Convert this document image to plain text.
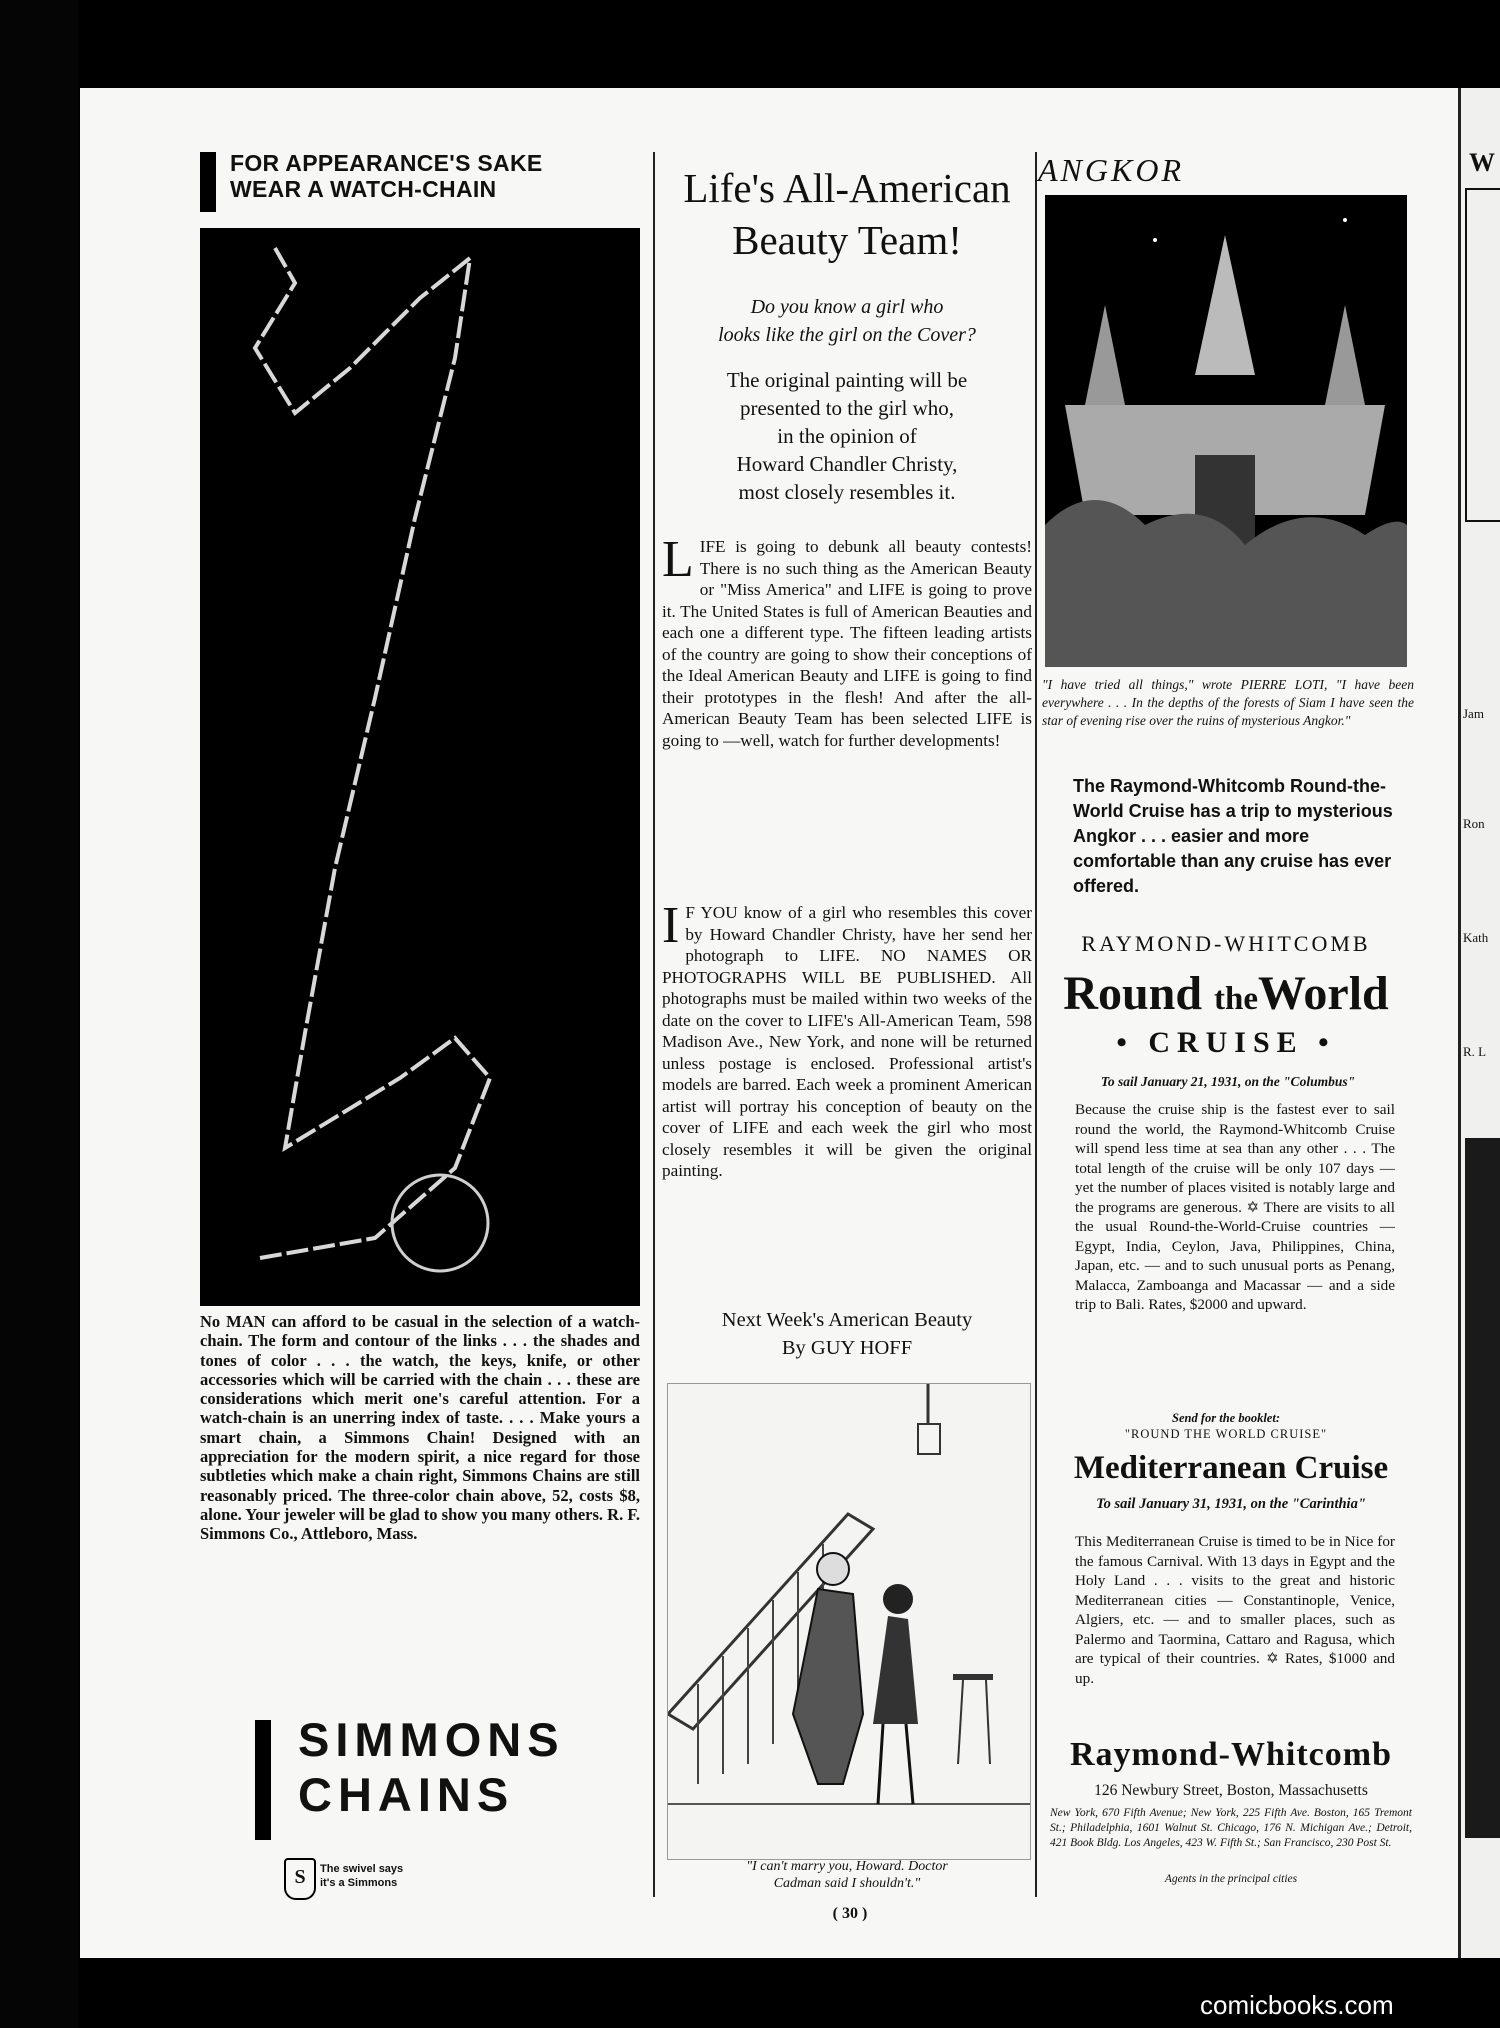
W
Jam
Ron
Kath
R. L
FOR APPEARANCE'S SAKE
WEAR A WATCH-CHAIN
No MAN can afford to be casual in the selection of a watch-chain. The form and contour of the links . . . the shades and tones of color . . . the watch, the keys, knife, or other accessories which will be carried with the chain . . . these are considerations which merit one's careful attention. For a watch-chain is an unerring index of taste. . . . Make yours a smart chain, a Simmons Chain! Designed with an appreciation for the modern spirit, a nice regard for those subtleties which make a chain right, Simmons Chains are still reasonably priced. The three-color chain above, 52, costs $8, alone. Your jeweler will be glad to show you many others. R. F. Simmons Co., Attleboro, Mass.
SIMMONS
CHAINS
S	The swivel says
it's a Simmons
Life's All-American
Beauty Team!
Do you know a girl who
looks like the girl on the Cover?
The original painting will be
presented to the girl who,
in the opinion of
Howard Chandler Christy,
most closely resembles it.
LIFE is going to debunk all beauty contests! There is no such thing as the American Beauty or "Miss America" and LIFE is going to prove it. The United States is full of American Beauties and each one a different type. The fifteen leading artists of the country are going to show their conceptions of the Ideal American Beauty and LIFE is going to find their prototypes in the flesh! And after the all-American Beauty Team has been selected LIFE is going to —well, watch for further developments!
I F YOU know of a girl who resembles this cover by Howard Chandler Christy, have her send her photograph to LIFE. NO NAMES OR PHOTOGRAPHS WILL BE PUBLISHED. All photographs must be mailed within two weeks of the date on the cover to LIFE's All-American Team, 598 Madison Ave., New York, and none will be returned unless postage is enclosed. Professional artist's models are barred. Each week a prominent American artist will portray his conception of beauty on the cover of LIFE and each week the girl who most closely resembles it will be given the original painting.
Next Week's American Beauty
By GUY HOFF
"I can't marry you, Howard. Doctor
Cadman said I shouldn't."
( 30 )
ANGKOR
"I have tried all things," wrote PIERRE LOTI, "I have been everywhere . . . In the depths of the forests of Siam I have seen the star of evening rise over the ruins of mysterious Angkor."
The Raymond-Whitcomb Round-the-World Cruise has a trip to mysterious Angkor . . . easier and more comfortable than any cruise has ever offered.
RAYMOND-WHITCOMB
Round theWorld
• CRUISE •
To sail January 21, 1931, on the "Columbus"
Because the cruise ship is the fastest ever to sail round the world, the Raymond-Whitcomb Cruise will spend less time at sea than any other . . . The total length of the cruise will be only 107 days — yet the number of places visited is notably large and the programs are generous. ✡ There are visits to all the usual Round-the-World-Cruise countries — Egypt, India, Ceylon, Java, Philippines, China, Japan, etc. — and to such unusual ports as Penang, Malacca, Zamboanga and Macassar — and a side trip to Bali. Rates, $2000 and upward.
Send for the booklet:
"ROUND THE WORLD CRUISE"
Mediterranean Cruise
To sail January 31, 1931, on the "Carinthia"
This Mediterranean Cruise is timed to be in Nice for the famous Carnival. With 13 days in Egypt and the Holy Land . . . visits to the great and historic Mediterranean cities — Constantinople, Venice, Algiers, etc. — and to smaller places, such as Palermo and Taormina, Cattaro and Ragusa, which are typical of their countries. ✡ Rates, $1000 and up.
Raymond-Whitcomb
126 Newbury Street, Boston, Massachusetts
New York, 670 Fifth Avenue; New York, 225 Fifth Ave. Boston, 165 Tremont St.; Philadelphia, 1601 Walnut St. Chicago, 176 N. Michigan Ave.; Detroit, 421 Book Bldg. Los Angeles, 423 W. Fifth St.; San Francisco, 230 Post St.
Agents in the principal cities
comicbooks.com
